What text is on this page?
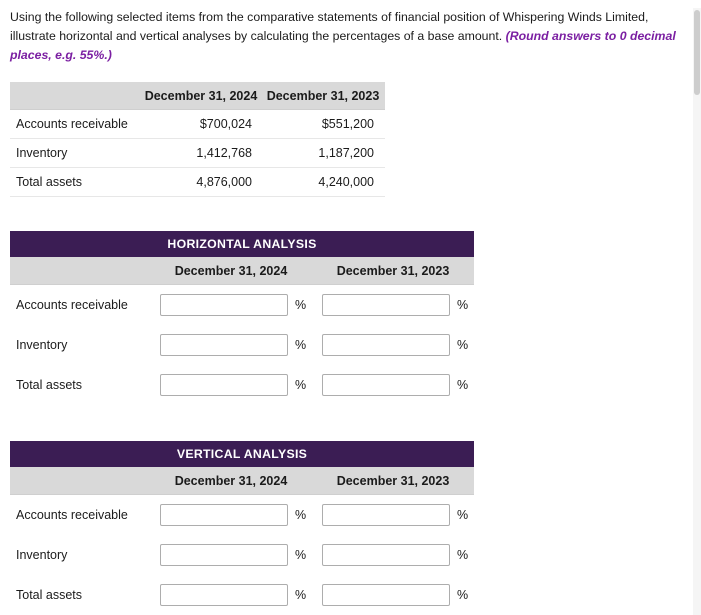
Using the following selected items from the comparative statements of financial position of Whispering Winds Limited, illustrate horizontal and vertical analyses by calculating the percentages of a base amount. (Round answers to 0 decimal places, e.g. 55%.)

December 31, 2024 December 31, 2023
Accounts receivable	$700,024	$551,200
Inventory	1,412,768	1,187,200
Total assets	4,876,000	4,240,000
HORIZONTAL ANALYSIS
December 31, 2024	December 31, 2023
Accounts receivable	%	%
Inventory	%	%
Total assets	%	%
VERTICAL ANALYSIS
December 31, 2024	December 31, 2023
Accounts receivable	%	%
Inventory	%	%
Total assets	%	%
